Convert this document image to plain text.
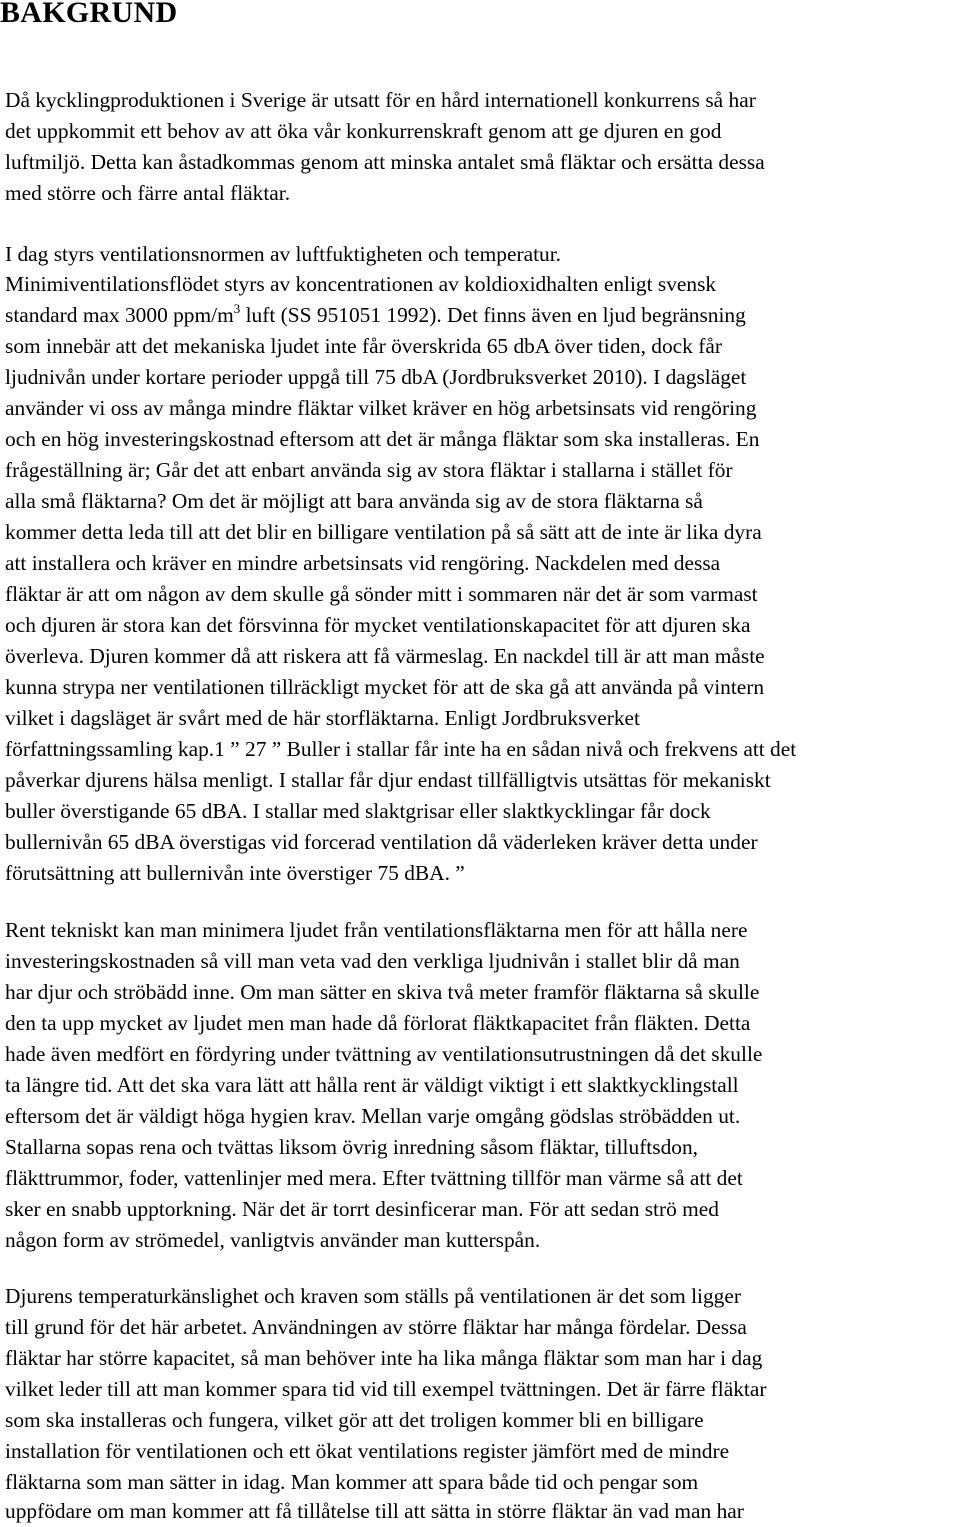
BAKGRUND

Då kycklingproduktionen i Sverige är utsatt för en hård internationell konkurrens så har

det uppkommit ett behov av att öka vår konkurrenskraft genom att ge djuren en god

luftmiljö. Detta kan åstadkommas genom att minska antalet små fläktar och ersätta dessa

med större och färre antal fläktar.

I dag styrs ventilationsnormen av luftfuktigheten och temperatur.

Minimiventilationsflödet styrs av koncentrationen av koldioxidhalten enligt svensk

standard max 3000 ppm/$m^3$ luft (SS 951051 1992). Det finns även en ljud begränsning

som innebär att det mekaniska ljudet inte får överskrida 65 dbA över tiden, dock får

ljudnivån under kortare perioder uppgå till 75 dbA (Jordbruksverket 2010). I dagsläget

använder vi oss av många mindre fläktar vilket kräver en hög arbetsinsats vid rengöring

och en hög investeringskostnad eftersom att det är många fläktar som ska installeras. En

frågeställning är; Går det att enbart använda sig av stora fläktar i stallarna i stället för

alla små fläktarna? Om det är möjligt att bara använda sig av de stora fläktarna så

kommer detta leda till att det blir en billigare ventilation på så sätt att de inte är lika dyra

att installera och kräver en mindre arbetsinsats vid rengöring. Nackdelen med dessa

fläktar är att om någon av dem skulle gå sönder mitt i sommaren när det är som varmast

och djuren är stora kan det försvinna för mycket ventilationskapacitet för att djuren ska

överleva. Djuren kommer då att riskera att få värmeslag. En nackdel till är att man måste

kunna strypa ner ventilationen tillräckligt mycket för att de ska gå att använda på vintern

vilket i dagsläget är svårt med de här storfläktarna. Enligt Jordbruksverket

författningssamling kap.1 ” 27 ” Buller i stallar får inte ha en sådan nivå och frekvens att det

påverkar djurens hälsa menligt. I stallar får djur endast tillfälligtvis utsättas för mekaniskt

buller överstigande 65 dBA. I stallar med slaktgrisar eller slaktkycklingar får dock

bullernivån 65 dBA överstigas vid forcerad ventilation då väderleken kräver detta under

förutsättning att bullernivån inte överstiger 75 dBA. ”

Rent tekniskt kan man minimera ljudet från ventilationsfläktarna men för att hålla nere

investeringskostnaden så vill man veta vad den verkliga ljudnivån i stallet blir då man

har djur och ströbädd inne. Om man sätter en skiva två meter framför fläktarna så skulle

den ta upp mycket av ljudet men man hade då förlorat fläktkapacitet från fläkten. Detta

hade även medfört en fördyring under tvättning av ventilationsutrustningen då det skulle

ta längre tid. Att det ska vara lätt att hålla rent är väldigt viktigt i ett slaktkycklingstall

eftersom det är väldigt höga hygien krav. Mellan varje omgång gödslas ströbädden ut.

Stallarna sopas rena och tvättas liksom övrig inredning såsom fläktar, tilluftsdon,

fläkttrummor, foder, vattenlinjer med mera. Efter tvättning tillför man värme så att det

sker en snabb upptorkning. När det är torrt desinficerar man. För att sedan strö med

någon form av strömedel, vanligtvis använder man kutterspån.

Djurens temperaturkänslighet och kraven som ställs på ventilationen är det som ligger

till grund för det här arbetet. Användningen av större fläktar har många fördelar. Dessa

fläktar har större kapacitet, så man behöver inte ha lika många fläktar som man har i dag

vilket leder till att man kommer spara tid vid till exempel tvättningen. Det är färre fläktar

som ska installeras och fungera, vilket gör att det troligen kommer bli en billigare

installation för ventilationen och ett ökat ventilations register jämfört med de mindre

fläktarna som man sätter in idag. Man kommer att spara både tid och pengar som

uppfödare om man kommer att få tillåtelse till att sätta in större fläktar än vad man har
